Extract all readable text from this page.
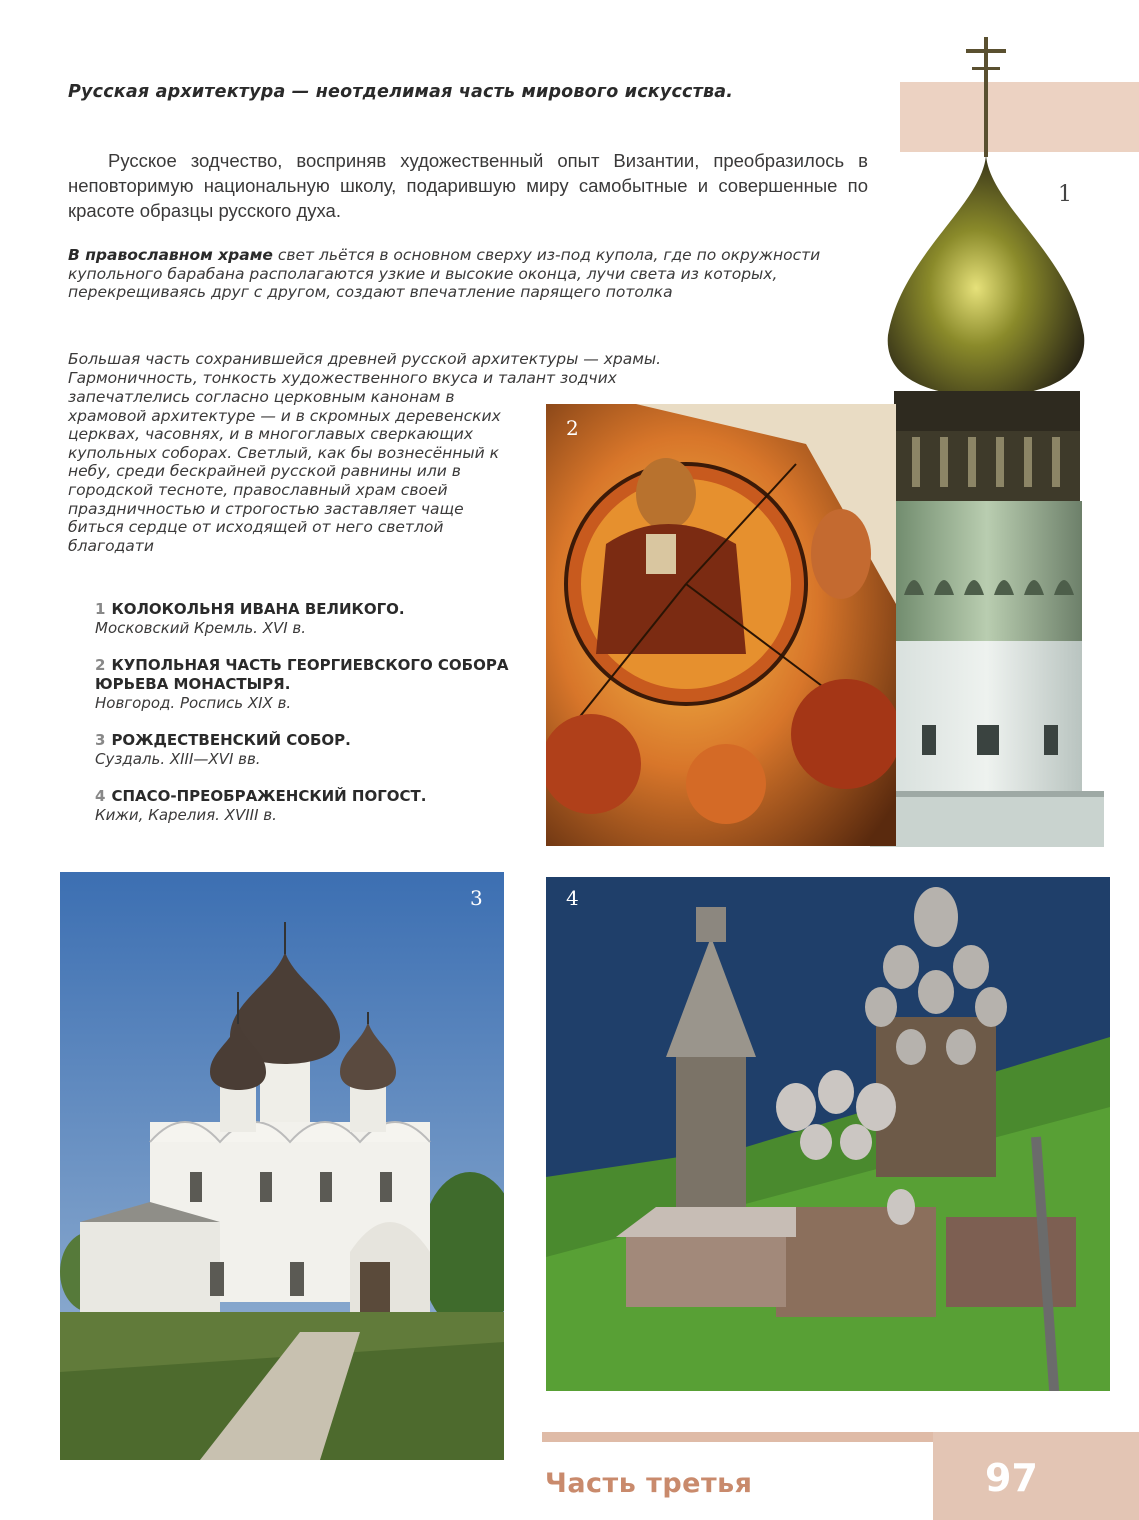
Русская архитектура — неотделимая часть мирового искусства.

Русское зодчество, восприняв художественный опыт Византии, преобразилось в неповторимую национальную школу, подарившую миру самобытные и совершенные по красоте образцы русского духа.

В православном храме свет льётся в основном сверху из-под купола, где по окружности купольного барабана располагаются узкие и высокие оконца, лучи света из которых, перекрещиваясь друг с другом, создают впечатление парящего потолка

Большая часть сохранившейся древней русской архитектуры — храмы.
Гармоничность, тонкость художественного вкуса и талант зодчих

запечатлелись согласно церковным канонам в храмовой архитектуре — и в скромных деревенских церквах, часовнях, и в многоглавых сверкающих купольных соборах. Светлый, как бы вознесённый к небу, среди бескрайней русской равнины или в городской тесноте, православный храм своей праздничностью и строгостью заставляет чаще биться сердце от исходящей от него светлой благодати

1 КОЛОКОЛЬНЯ ИВАНА ВЕЛИКОГО.
Московский Кремль. XVI в.
2 КУПОЛЬНАЯ ЧАСТЬ ГЕОРГИЕВСКОГО СОБОРА ЮРЬЕВА МОНАСТЫРЯ.
Новгород. Роспись XIX в.
3 РОЖДЕСТВЕНСКИЙ СОБОР.
Суздаль. XIII—XVI вв.
4 СПАСО-ПРЕОБРАЖЕНСКИЙ ПОГОСТ.
Кижи, Карелия. XVIII в.
1
2
3	4
Часть третья	97
